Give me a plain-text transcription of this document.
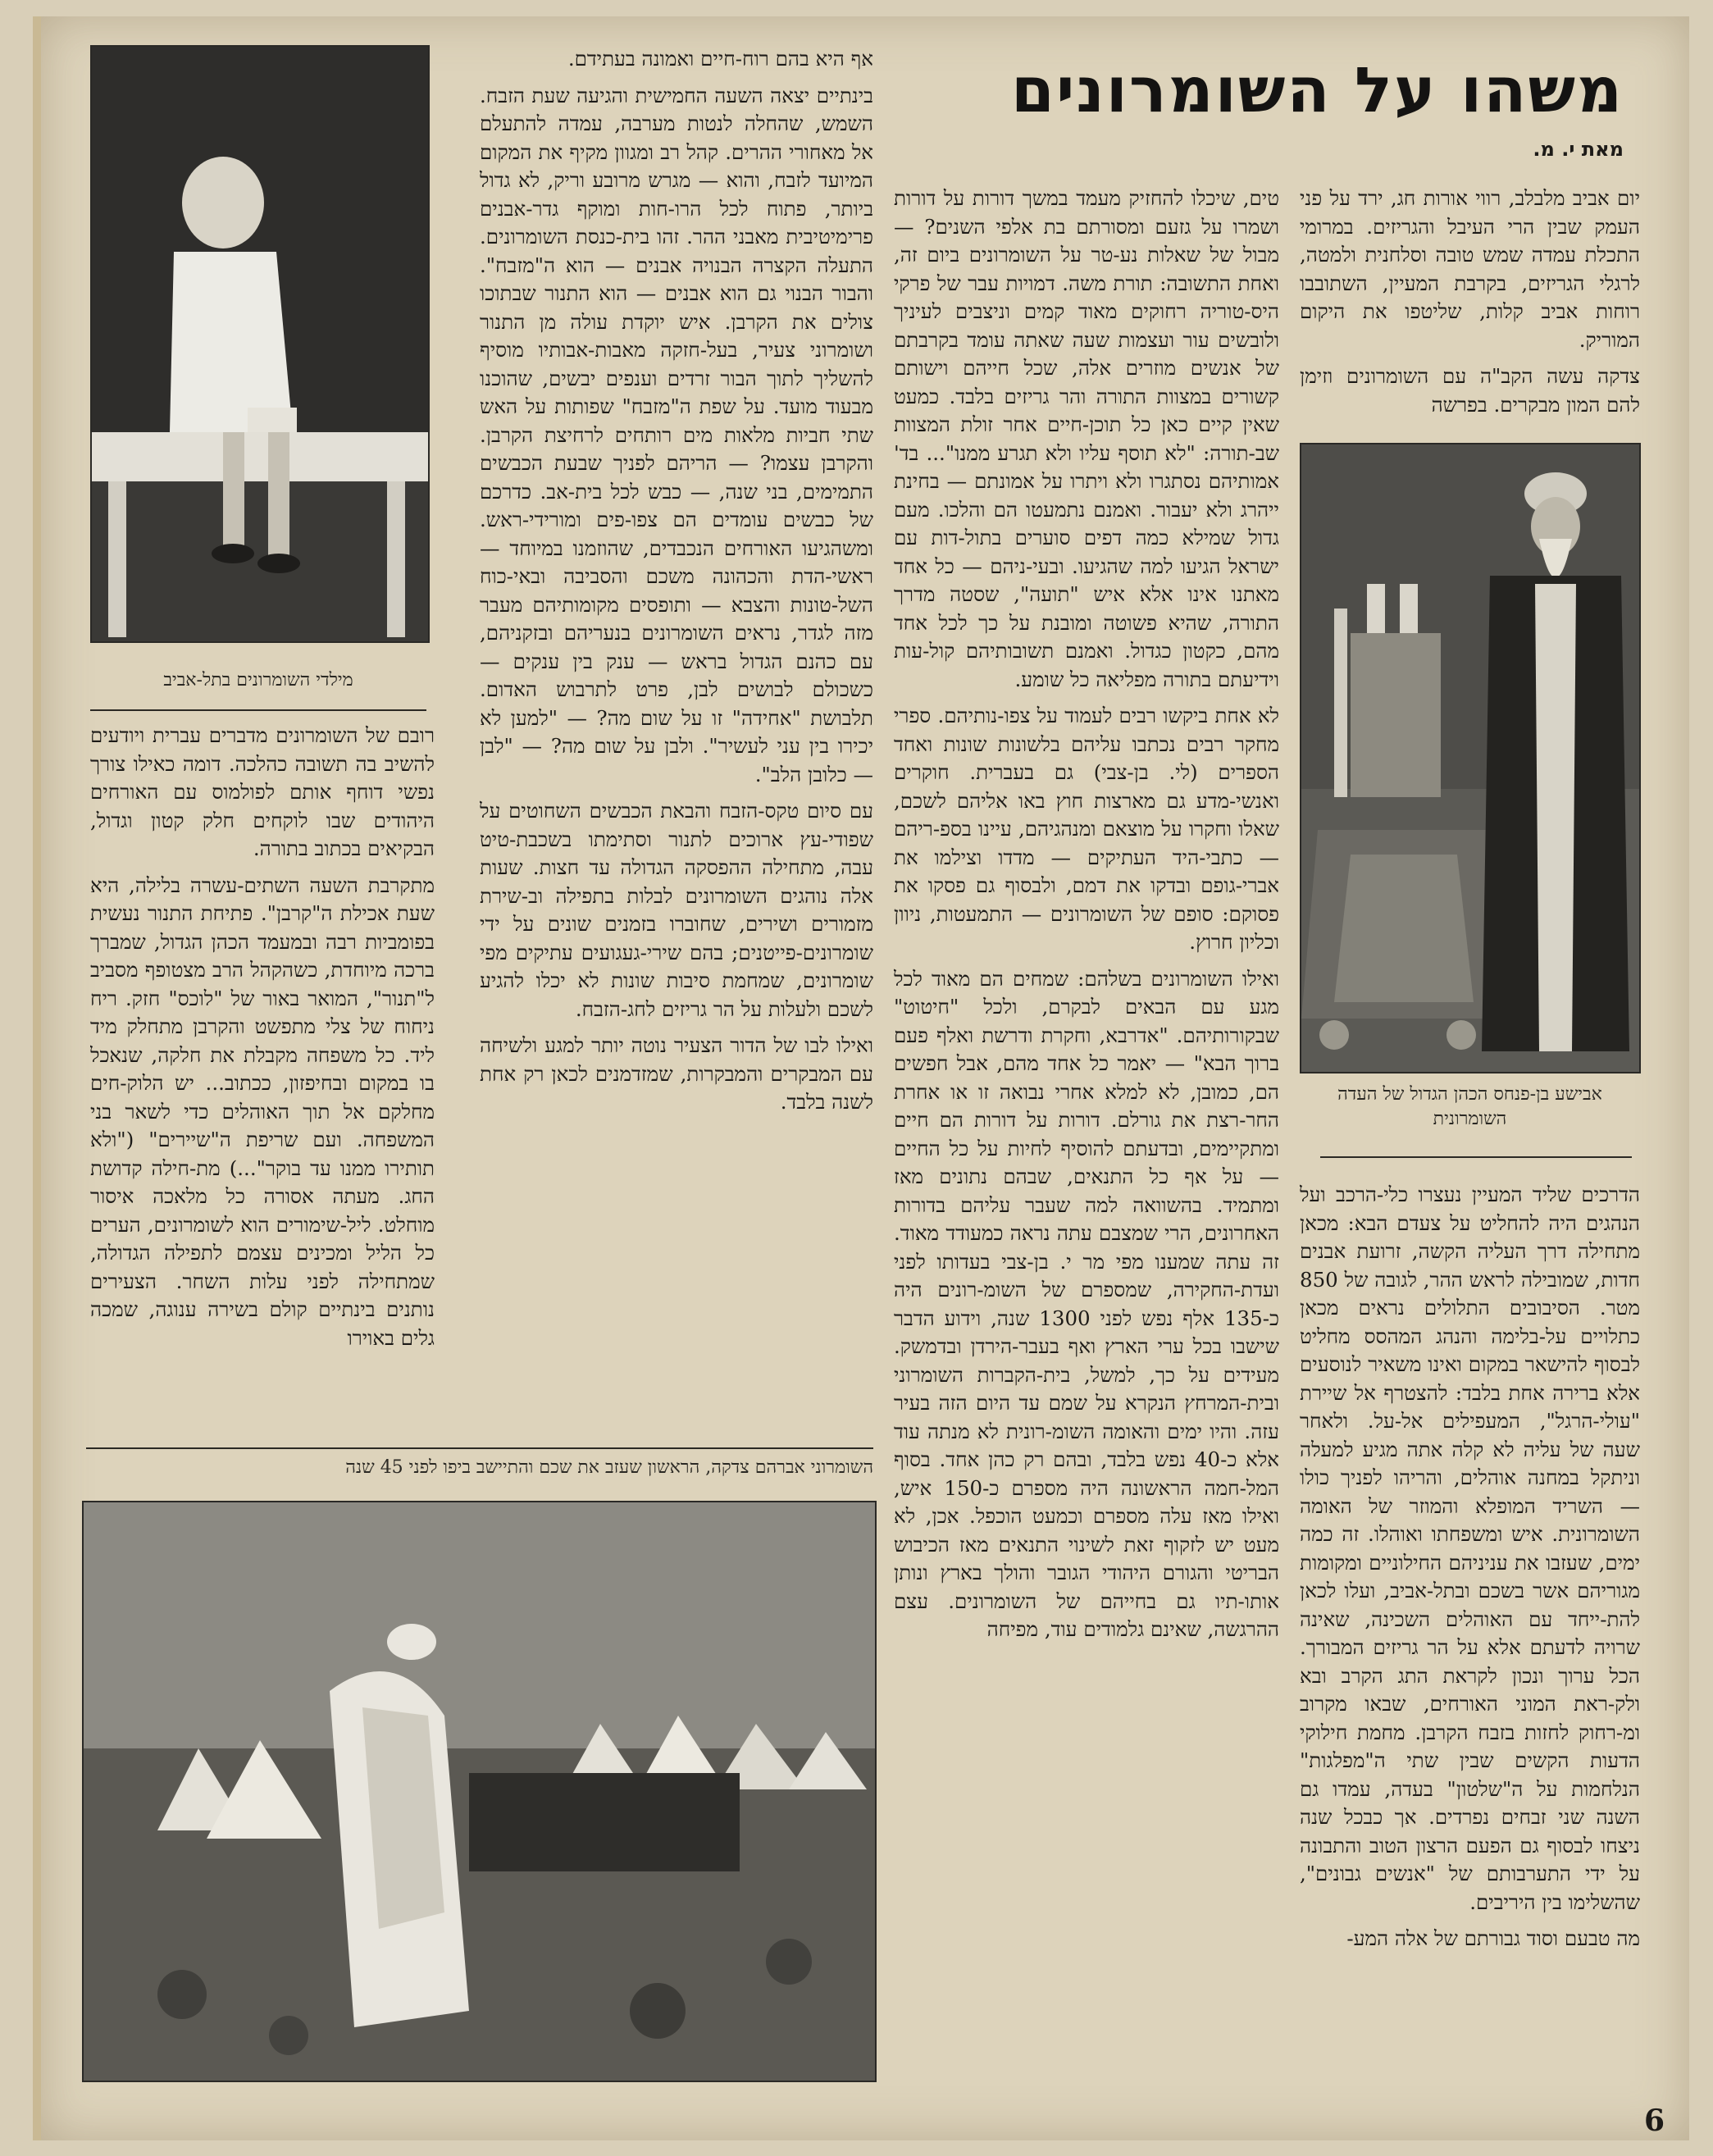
משהו על השומרונים
מאת י. מ.

יום אביב מלבלב, רווי אורות חג, ירד על פני העמק שבין הרי העיבל והגריזים. במרומי התכלת עמדה שמש טובה וסלחנית ולמטה, לרגלי הגריזים, בקרבת המעיין, השתובבו רוחות אביב קלות, שליטפו את היקום המוריק.

צדקה עשה הקב"ה עם השומרונים וזימן להם המון מבקרים. בפרשה

אבישע בן-פנחס הכהן הגדול של העדה השומרונית

הדרכים שליד המעיין נעצרו כלי-הרכב ועל הנהגים היה להחליט על צעדם הבא: מכאן מתחילה דרך העליה הקשה, זרועת אבנים חדות, שמובילה לראש ההר, לגובה של 850 מטר. הסיבובים התלולים נראים מכאן כתלויים על-בלימה והנהג המהסס מחליט לבסוף להישאר במקום ואינו משאיר לנוסעים אלא ברירה אחת בלבד: להצטרף אל שיירת "עולי-הרגל", המעפילים אל-על. ולאחר שעה של עליה לא קלה אתה מגיע למעלה וניתקל במחנה אוהלים, והריהו לפניך כולו — השריד המופלא והמוזר של האומה השומרונית. איש ומשפחתו ואוהלו. זה כמה ימים, שעזבו את עניניהם החילוניים ומקומות מגוריהם אשר בשכם ובתל-אביב, ועלו לכאן להת-ייחד עם האוהלים השכינה, שאינה שרויה לדעתם אלא על הר גריזים המבורך. הכל ערוך ונכון לקראת התג הקרב ובא ולק-ראת המוני האורחים, שבאו מקרוב ומ-רחוק לחזות בזבח הקרבן. מחמת חילוקי הדעות הקשים שבין שתי ה"מפלגות" הנלחמות על ה"שלטון" בעדה, עמדו גם השנה שני זבחים נפרדים. אך כבכל שנה ניצחו לבסוף גם הפעם הרצון הטוב והתבונה על ידי התערבותם של "אנשים גבונים", שהשלימו בין היריבים.

מה טבעם וסוד גבורתם של אלה המע-

טים, שיכלו להחזיק מעמד במשך דורות על דורות ושמרו על גזעם ומסורתם בת אלפי השנים? — מבול של שאלות נע-טר על השומרונים ביום זה, ואחת התשובה: תורת משה. דמויות עבר של פרקי היס-טוריה רחוקים מאוד קמים וניצבים לעיניך ולובשים עור ועצמות שעה שאתה עומד בקרבתם של אנשים מוזרים אלה, שכל חייהם וישותם קשורים במצוות התורה והר גריזים בלבד. כמעט שאין קיים כאן כל תוכן-חיים אחר זולת המצוות שב-תורה: "לא תוסף עליו ולא תגרע ממנו"... בד' אמותיהם נסתגרו ולא ויתרו על אמונתם — בחינת ייהרג ולא יעבור. ואמנם נתמעטו הם והלכו. מעם גדול שמילא כמה דפים סוערים בתול-דות עם ישראל הגיעו למה שהגיעו. ובעי-ניהם — כל אחד מאתנו אינו אלא איש "תועה", שסטה מדרך התורה, שהיא פשוטה ומובנת על כך לכל אחד מהם, כקטון כגדול. ואמנם תשובותיהם קול-עות וידיעתם בתורה מפליאה כל שומע.

לא אחת ביקשו רבים לעמוד על צפו-נותיהם. ספרי מחקר רבים נכתבו עליהם בלשונות שונות ואחד הספרים (לי. בן-צבי) גם בעברית. חוקרים ואנשי-מדע גם מארצות חוץ באו אליהם לשכם, שאלו וחקרו על מוצאם ומנהגיהם, עיינו בספ-ריהם — כתבי-היד העתיקים — מדדו וצילמו את אברי-גופם ובדקו את דמם, ולבסוף גם פסקו את פסוקם: סופם של השומרונים — התמעטות, ניוון וכליון חרוץ.

ואילו השומרונים בשלהם: שמחים הם מאוד לכל מגע עם הבאים לבקרם, ולכל "חיטוט" שבקורותיהם. "אדרבא, וחקרת ודרשת ואלף פעם ברוך הבא" — יאמר כל אחד מהם, אבל חפשים הם, כמובן, לא למלא אחרי נבואה זו או אחרת החר-רצת את גורלם. דורות על דורות הם חיים ומתקיימים, ובדעתם להוסיף לחיות על כל החיים — על אף כל התנאים, שבהם נתונים מאז ומתמיד. בהשוואה למה שעבר עליהם בדורות האחרונים, הרי שמצבם עתה נראה כמעודד מאוד. זה עתה שמענו מפי מר י. בן-צבי בעדותו לפני ועדת-החקירה, שמספרם של השומ-רונים היה כ-135 אלף נפש לפני 1300 שנה, וידוע הדבר שישבו בכל ערי הארץ ואף בעבר-הירדן ובדמשק. מעידים על כך, למשל, בית-הקברות השומרוני ובית-המרחץ הנקרא על שמם עד היום הזה בעיר עזה. והיו ימים והאומה השומ-רונית לא מנתה עוד אלא כ-40 נפש בלבד, ובהם רק כהן אחד. בסוף המל-חמה הראשונה היה מספרם כ-150 איש, ואילו מאז עלה מספרם וכמעט הוכפל. אכן, לא מעט יש לזקוף זאת לשינוי התנאים מאז הכיבוש הבריטי והגורם היהודי הגובר והולך בארץ ונותן אותו-תיו גם בחייהם של השומרונים. עצם ההרגשה, שאינם גלמודים עוד, מפיחה

מילדי השומרונים בתל-אביב

אף היא בהם רוח-חיים ואמונה בעתידם.

בינתיים יצאה השעה החמישית והגיעה שעת הזבח. השמש, שהחלה לנטות מערבה, עמדה להתעלם אל מאחורי ההרים. קהל רב ומגוון מקיף את המקום המיועד לזבח, והוא — מגרש מרובע וריק, לא גדול ביותר, פתוח לכל הרו-חות ומוקף גדר-אבנים פרימיטיבית מאבני ההר. זהו בית-כנסת השומרונים. התעלה הקצרה הבנויה אבנים — הוא ה"מזבח". והבור הבנוי גם הוא אבנים — הוא התנור שבתוכו צולים את הקרבן. איש יוקדת עולה מן התנור ושומרוני צעיר, בעל-חזקה מאבות-אבותיו מוסיף להשליך לתוך הבור זרדים וענפים יבשים, שהוכנו מבעוד מועד. על שפת ה"מזבח" שפותות על האש שתי חביות מלאות מים רותחים לרחיצת הקרבן. והקרבן עצמו? — הריהם לפניך שבעת הכבשים התמימים, בני שנה, — כבש לכל בית-אב. כדרכם של כבשים עומדים הם צפו-פים ומורידי-ראש. ומשהגיעו האורחים הנכבדים, שהוזמנו במיוחד — ראשי-הדת והכהונה משכם והסביבה ובאי-כוח השל-טונות והצבא — ותופסים מקומותיהם מעבר מזה לגדר, נראים השומרונים בנעריהם ובזקניהם, עם כהנם הגדול בראש — ענק בין ענקים — כשכולם לבושים לבן, פרט לתרבוש האדום. תלבושת "אחידה" זו על שום מה? — "למען לא יכירו בין עני לעשיר". ולבן על שום מה? — "לבן — כלובן הלב".

עם סיום טקס-הזבח והבאת הכבשים השחוטים על שפודי-עץ ארוכים לתנור וסתימתו בשכבת-טיט עבה, מתחילה ההפסקה הגדולה עד חצות. שעות אלה נוהגים השומרונים לבלות בתפילה וב-שירת מזמורים ושירים, שחוברו בזמנים שונים על ידי שומרונים-פייטנים; בהם שירי-געגועים עתיקים מפי שומרונים, שמחמת סיבות שונות לא יכלו להגיע לשכם ולעלות על הר גריזים לחג-הזבח.

ואילו לבו של הדור הצעיר נוטה יותר למגע ולשיחה עם המבקרים והמבקרות, שמזדמנים לכאן רק אחת לשנה בלבד.

רובם של השומרונים מדברים עברית ויודעים להשיב בה תשובה כהלכה. דומה כאילו צורך נפשי דוחף אותם לפולמוס עם האורחים היהודים שבו לוקחים חלק קטון וגדול, הבקיאים בכתוב בתורה.

מתקרבת השעה השתים-עשרה בלילה, היא שעת אכילת ה"קרבן". פתיחת התנור נעשית בפומביות רבה ובמעמד הכהן הגדול, שמברך ברכה מיוחדת, כשהקהל הרב מצטופף מסביב ל"תנור", המואר באור של "לוכס" חזק. ריח ניחוח של צלי מתפשט והקרבן מתחלק מיד ליד. כל משפחה מקבלת את חלקה, שנאכל בו במקום ובחיפזון, ככתוב... יש הלוק-חים מחלקם אל תוך האוהלים כדי לשאר בני המשפחה. ועם שריפת ה"שיירים" ("ולא תותירו ממנו עד בוקר"...) מת-חילה קדושת החג. מעתה אסורה כל מלאכה איסור מוחלט. ליל-שימורים הוא לשומרונים, הערים כל הליל ומכינים עצמם לתפילה הגדולה, שמתחילה לפני עלות השחר. הצעירים נותנים בינתיים קולם בשירה ענוגה, שמכה גלים באוירו

השומרוני אברהם צדקה, הראשון שעזב את שכם והתיישב ביפו לפני 45 שנה
6
